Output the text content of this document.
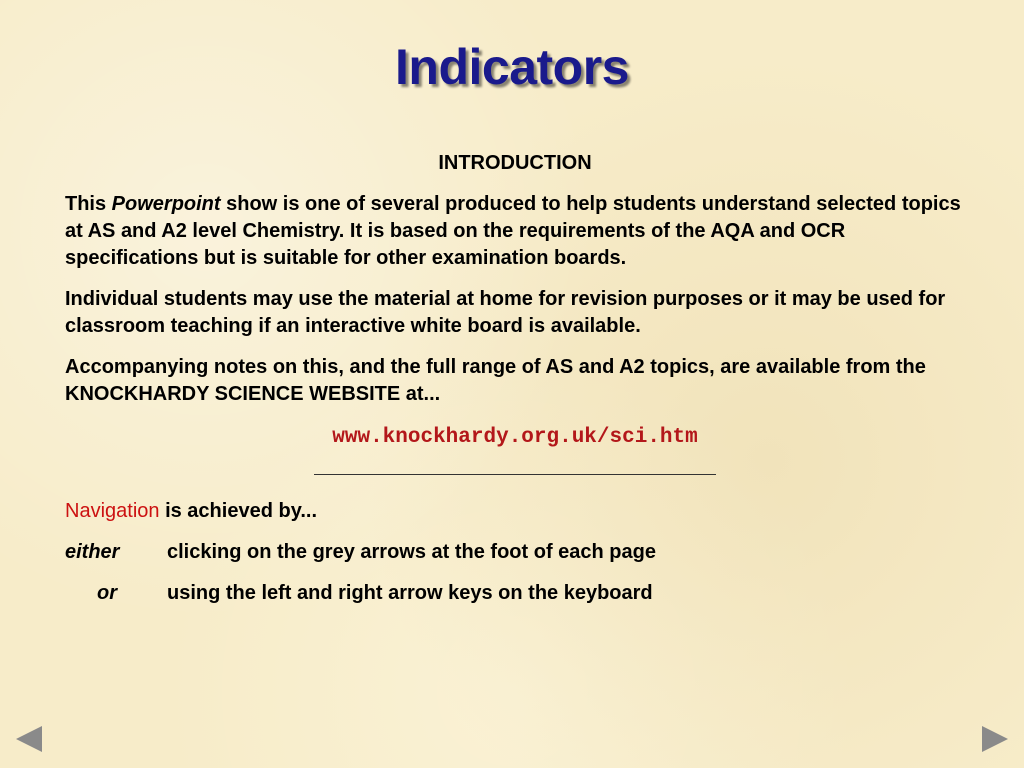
Indicators
INTRODUCTION
This Powerpoint show is one of several produced to help students understand selected topics at AS and A2 level Chemistry. It is based on the requirements of the AQA and OCR specifications but is suitable for other examination boards.
Individual students may use the material at home for revision purposes or it may be used for classroom teaching if an interactive white board is available.
Accompanying notes on this, and the full range of AS and A2 topics, are available from the KNOCKHARDY SCIENCE WEBSITE at...
www.knockhardy.org.uk/sci.htm
Navigation is achieved by...
either	clicking on the grey arrows at the foot of each page
or	using the left and right arrow keys on the keyboard
